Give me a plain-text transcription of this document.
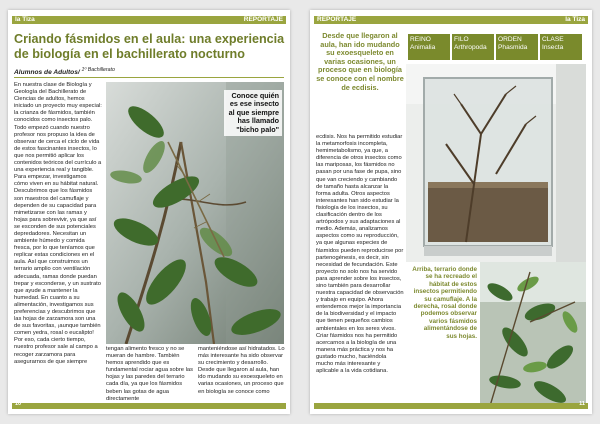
la Tiza	REPORTAJE
Criando fásmidos en el aula: una experiencia de biología en el bachillerato nocturno
Alumnos de Adultos/ $^{1º Bachillerato}$
En nuestra clase de Biología y Geología del Bachillerato de Ciencias de adultos, hemos iniciado un proyecto muy especial: la crianza de fásmidos, también conocidos como insectos palo. Todo empezó cuando nuestro profesor nos propuso la idea de observar de cerca el ciclo de vida de estos fascinantes insectos, lo que nos permitió aplicar los contenidos teóricos del currículo a una experiencia real y tangible. Para empezar, investigamos cómo viven en su hábitat natural. Descubrimos que los fásmidos son maestros del camuflaje y dependen de su capacidad para mimetizarse con las ramas y hojas para sobrevivir, ya que así se esconden de sus potenciales depredadores. Necesitan un ambiente húmedo y comida fresca, por lo que teníamos que replicar estas condiciones en el aula. Así que construimos un terrario amplio con ventilación adecuada, ramas donde puedan trepar y esconderse, y un sustrato que ayude a mantener la humedad. En cuanto a su alimentación, investigamos sus preferencias y descubrimos que las hojas de zarzamora son una de sus favoritas, ¡aunque también comen yedra, rosal o eucalipto! Por eso, cada cierto tiempo, nuestro profesor sale al campo a recoger zarzamora para asegurarnos de que siempre
Conoce quién es ese insecto al que siempre has llamado "bicho palo"
tengan alimento fresco y no se mueran de hambre. También hemos aprendido que es fundamental rociar agua sobre las hojas y las paredes del terrario cada día, ya que los fásmidos beben las gotas de agua directamente
manteniéndose así hidratados. Lo más interesante ha sido observar su crecimiento y desarrollo. Desde que llegaron al aula, han ido mudando su exoesqueleto en varias ocasiones, un proceso que en biología se conoce como
10
REPORTAJE	la Tiza
Desde que llegaron al aula, han ido mudando su exoesqueleto en varias ocasiones, un proceso que en biología se conoce con el nombre de ecdisis.
REINO
Animalia
FILO
Arthropoda
ORDEN
Phasmida
CLASE
Insecta
ecdisis. Nos ha permitido estudiar la metamorfosis incompleta, hemimetabolismo, ya que, a diferencia de otros insectos como las mariposas, los fásmidos no pasan por una fase de pupa, sino que van creciendo y cambiando de tamaño hasta alcanzar la forma adulta. Otros aspectos interesantes han sido estudiar la fisiología de los insectos, su clasificación dentro de los artrópodos y sus adaptaciones al medio. Además, analizamos aspectos como su reproducción, ya que algunas especies de fásmidos pueden reproducirse por partenogénesis, es decir, sin necesidad de fecundación. Este proyecto no solo nos ha servido para aprender sobre los insectos, sino también para desarrollar nuestra capacidad de observación y trabajo en equipo. Ahora entendemos mejor la importancia de la biodiversidad y el impacto que tienen pequeños cambios ambientales en los seres vivos. Criar fásmidos nos ha permitido acercarnos a la biología de una manera más práctica y nos ha gustado mucho, haciéndola mucho más interesante y aplicable a la vida cotidiana.
Arriba, terrario donde se ha recreado el hábitat de estos insectos permitiendo su camuflaje. A la derecha, rosal donde podemos observar varios fásmidos alimentándose de sus hojas.
11
